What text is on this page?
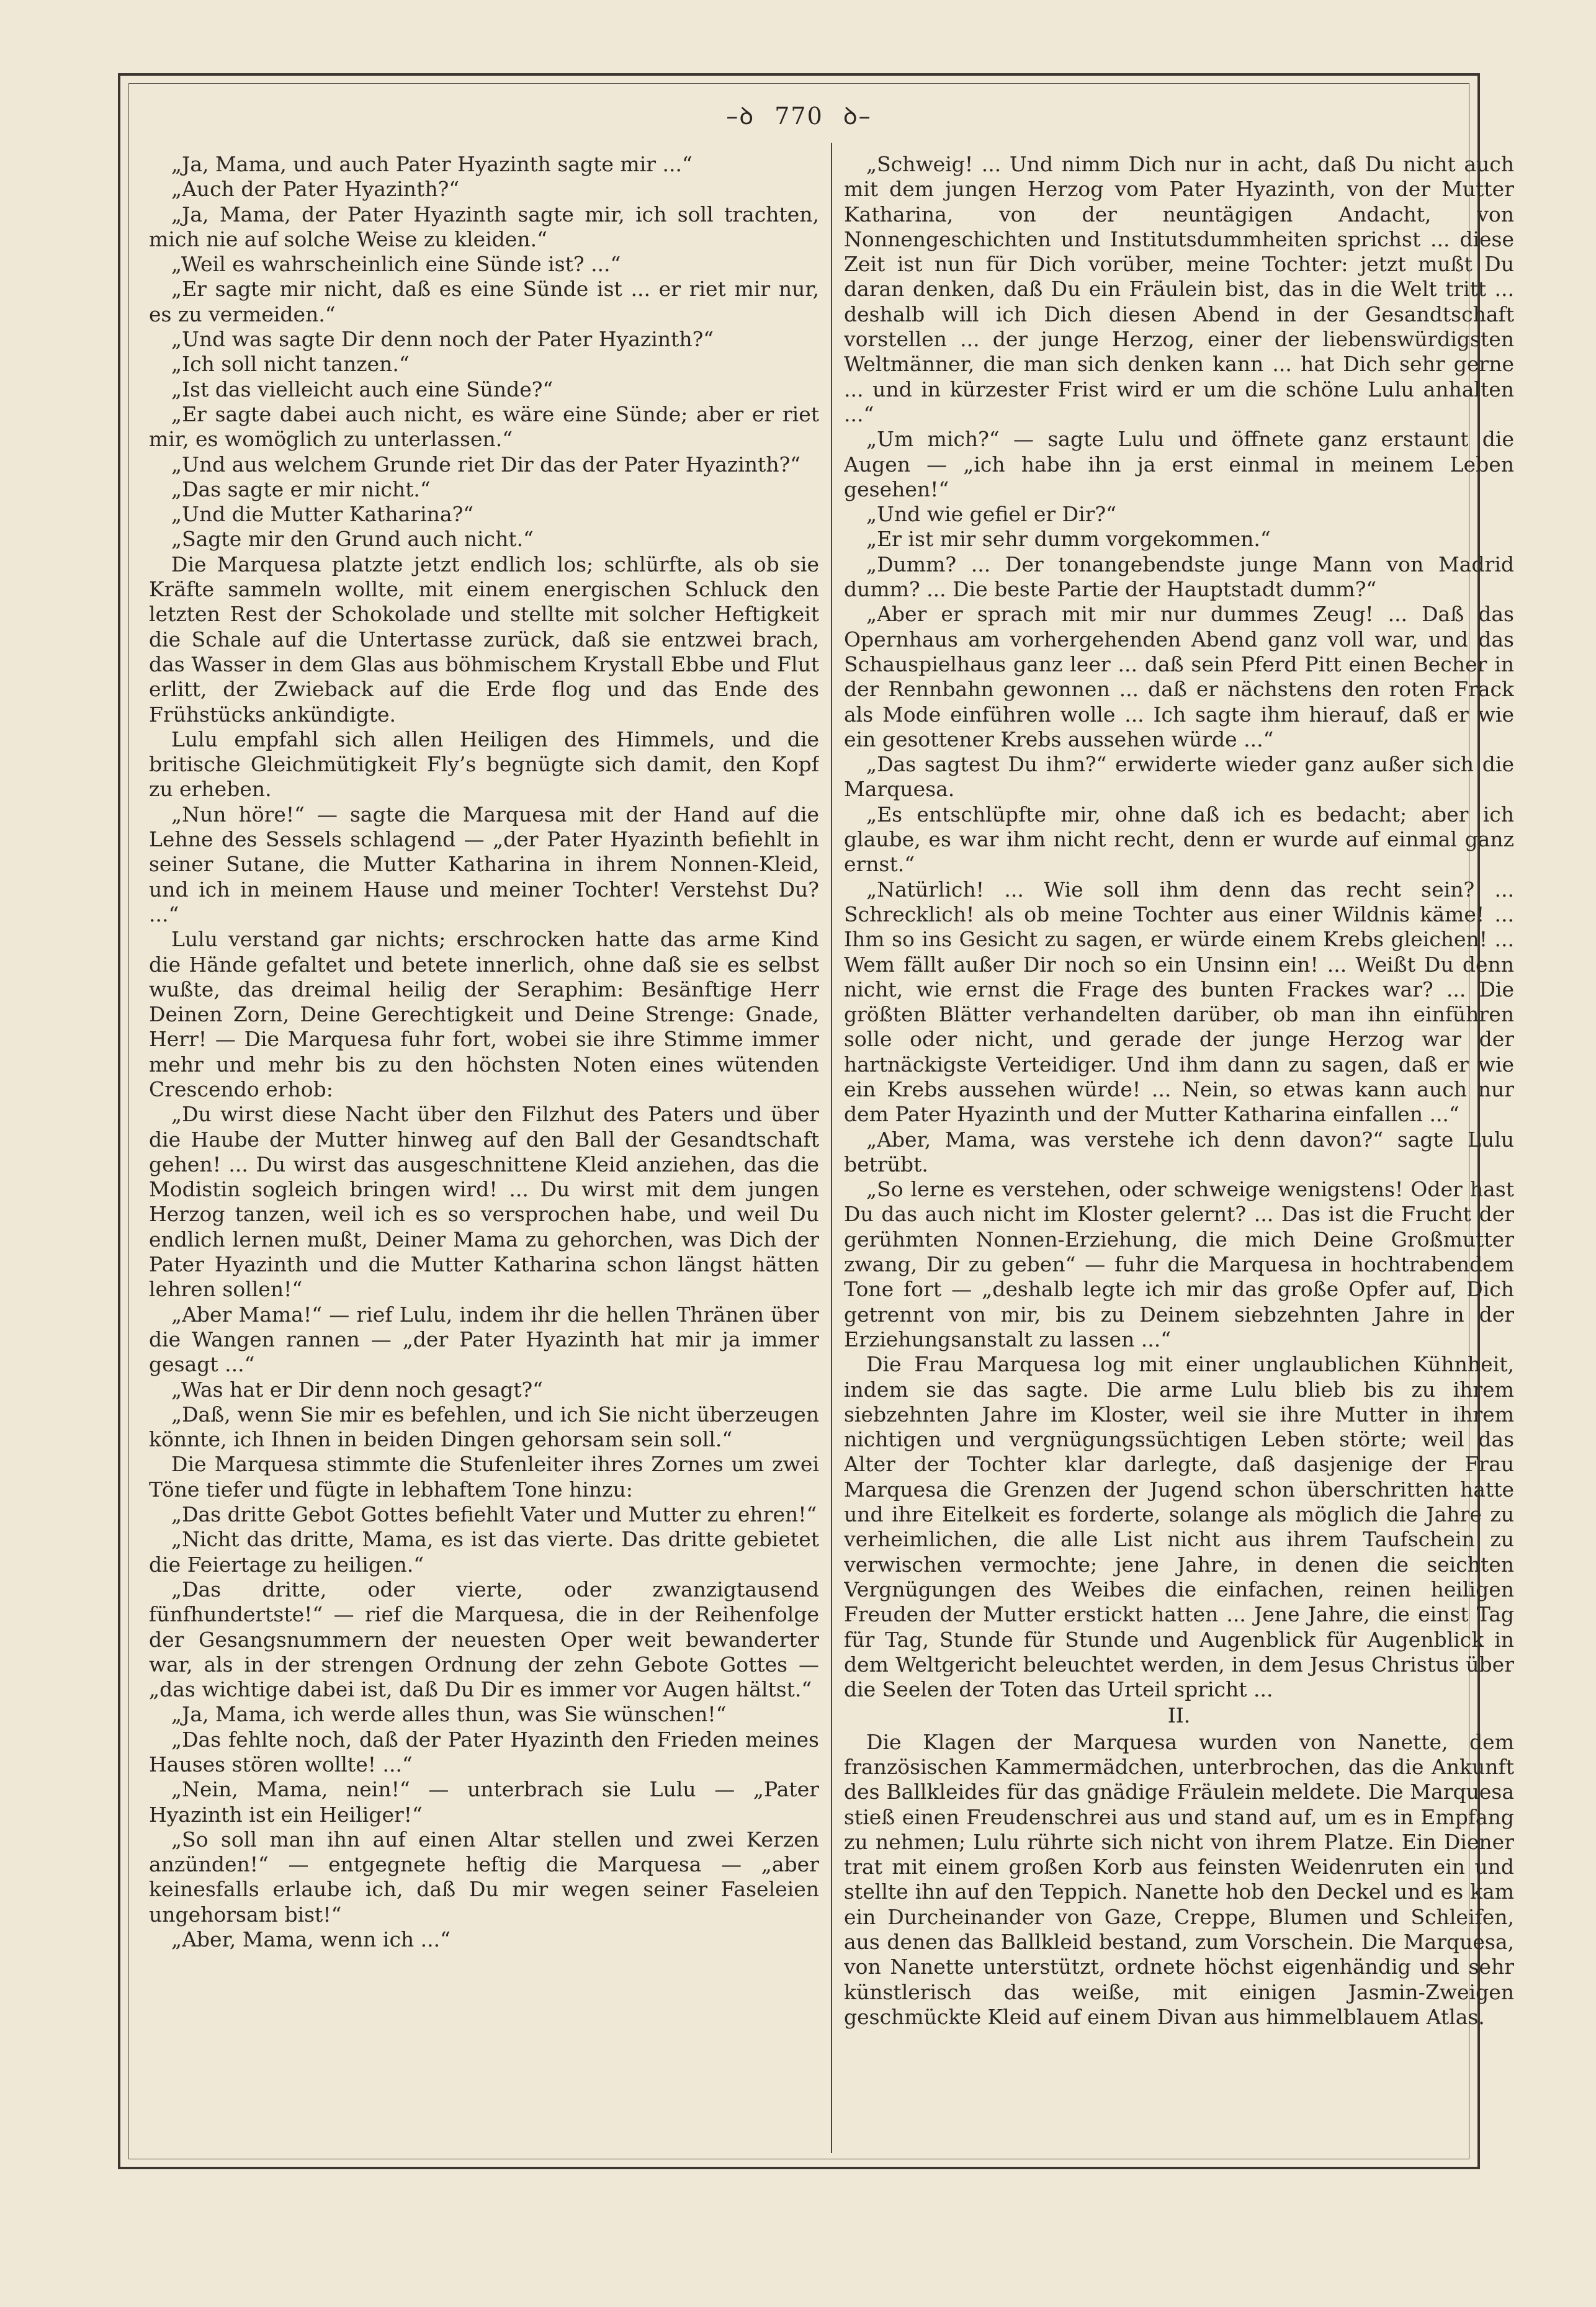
–ꝺ 770 ꝺ–

„Ja, Mama, und auch Pater Hyazinth sagte mir ...“

„Auch der Pater Hyazinth?“

„Ja, Mama, der Pater Hyazinth sagte mir, ich soll trachten, mich nie auf solche Weise zu kleiden.“

„Weil es wahrscheinlich eine Sünde ist? ...“

„Er sagte mir nicht, daß es eine Sünde ist ... er riet mir nur, es zu vermeiden.“

„Und was sagte Dir denn noch der Pater Hyazinth?“

„Ich soll nicht tanzen.“

„Ist das vielleicht auch eine Sünde?“

„Er sagte dabei auch nicht, es wäre eine Sünde; aber er riet mir, es womöglich zu unterlassen.“

„Und aus welchem Grunde riet Dir das der Pater Hyazinth?“

„Das sagte er mir nicht.“

„Und die Mutter Katharina?“

„Sagte mir den Grund auch nicht.“

Die Marquesa platzte jetzt endlich los; schlürfte, als ob sie Kräfte sammeln wollte, mit einem energischen Schluck den letzten Rest der Schokolade und stellte mit solcher Heftigkeit die Schale auf die Untertasse zurück, daß sie entzwei brach, das Wasser in dem Glas aus böhmischem Krystall Ebbe und Flut erlitt, der Zwieback auf die Erde flog und das Ende des Frühstücks ankündigte.

Lulu empfahl sich allen Heiligen des Himmels, und die britische Gleichmütigkeit Fly’s begnügte sich damit, den Kopf zu erheben.

„Nun höre!“ — sagte die Marquesa mit der Hand auf die Lehne des Sessels schlagend — „der Pater Hyazinth befiehlt in seiner Sutane, die Mutter Katharina in ihrem Nonnen-Kleid, und ich in meinem Hause und meiner Tochter! Verstehst Du? ...“

Lulu verstand gar nichts; erschrocken hatte das arme Kind die Hände gefaltet und betete innerlich, ohne daß sie es selbst wußte, das dreimal heilig der Seraphim: Besänftige Herr Deinen Zorn, Deine Gerechtigkeit und Deine Strenge: Gnade, Herr! — Die Marquesa fuhr fort, wobei sie ihre Stimme immer mehr und mehr bis zu den höchsten Noten eines wütenden Crescendo erhob:

„Du wirst diese Nacht über den Filzhut des Paters und über die Haube der Mutter hinweg auf den Ball der Gesandtschaft gehen! ... Du wirst das ausgeschnittene Kleid anziehen, das die Modistin sogleich bringen wird! ... Du wirst mit dem jungen Herzog tanzen, weil ich es so versprochen habe, und weil Du endlich lernen mußt, Deiner Mama zu gehorchen, was Dich der Pater Hyazinth und die Mutter Katharina schon längst hätten lehren sollen!“

„Aber Mama!“ — rief Lulu, indem ihr die hellen Thränen über die Wangen rannen — „der Pater Hyazinth hat mir ja immer gesagt ...“

„Was hat er Dir denn noch gesagt?“

„Daß, wenn Sie mir es befehlen, und ich Sie nicht überzeugen könnte, ich Ihnen in beiden Dingen gehorsam sein soll.“

Die Marquesa stimmte die Stufenleiter ihres Zornes um zwei Töne tiefer und fügte in lebhaftem Tone hinzu:

„Das dritte Gebot Gottes befiehlt Vater und Mutter zu ehren!“

„Nicht das dritte, Mama, es ist das vierte. Das dritte gebietet die Feiertage zu heiligen.“

„Das dritte, oder vierte, oder zwanzigtausend fünfhundertste!“ — rief die Marquesa, die in der Reihenfolge der Gesangsnummern der neuesten Oper weit bewanderter war, als in der strengen Ordnung der zehn Gebote Gottes — „das wichtige dabei ist, daß Du Dir es immer vor Augen hältst.“

„Ja, Mama, ich werde alles thun, was Sie wünschen!“

„Das fehlte noch, daß der Pater Hyazinth den Frieden meines Hauses stören wollte! ...“

„Nein, Mama, nein!“ — unterbrach sie Lulu — „Pater Hyazinth ist ein Heiliger!“

„So soll man ihn auf einen Altar stellen und zwei Kerzen anzünden!“ — entgegnete heftig die Marquesa — „aber keinesfalls erlaube ich, daß Du mir wegen seiner Faseleien ungehorsam bist!“

„Aber, Mama, wenn ich ...“

„Schweig! ... Und nimm Dich nur in acht, daß Du nicht auch mit dem jungen Herzog vom Pater Hyazinth, von der Mutter Katharina, von der neuntägigen Andacht, von Nonnengeschichten und Institutsdummheiten sprichst ... diese Zeit ist nun für Dich vorüber, meine Tochter: jetzt mußt Du daran denken, daß Du ein Fräulein bist, das in die Welt tritt ... deshalb will ich Dich diesen Abend in der Gesandtschaft vorstellen ... der junge Herzog, einer der liebenswürdigsten Weltmänner, die man sich denken kann ... hat Dich sehr gerne ... und in kürzester Frist wird er um die schöne Lulu anhalten ...“

„Um mich?“ — sagte Lulu und öffnete ganz erstaunt die Augen — „ich habe ihn ja erst einmal in meinem Leben gesehen!“

„Und wie gefiel er Dir?“

„Er ist mir sehr dumm vorgekommen.“

„Dumm? ... Der tonangebendste junge Mann von Madrid dumm? ... Die beste Partie der Hauptstadt dumm?“

„Aber er sprach mit mir nur dummes Zeug! ... Daß das Opernhaus am vorhergehenden Abend ganz voll war, und das Schauspielhaus ganz leer ... daß sein Pferd Pitt einen Becher in der Rennbahn gewonnen ... daß er nächstens den roten Frack als Mode einführen wolle ... Ich sagte ihm hierauf, daß er wie ein gesottener Krebs aussehen würde ...“

„Das sagtest Du ihm?“ erwiderte wieder ganz außer sich die Marquesa.

„Es entschlüpfte mir, ohne daß ich es bedacht; aber ich glaube, es war ihm nicht recht, denn er wurde auf einmal ganz ernst.“

„Natürlich! ... Wie soll ihm denn das recht sein? ... Schrecklich! als ob meine Tochter aus einer Wildnis käme! ... Ihm so ins Gesicht zu sagen, er würde einem Krebs gleichen! ... Wem fällt außer Dir noch so ein Unsinn ein! ... Weißt Du denn nicht, wie ernst die Frage des bunten Frackes war? ... Die größten Blätter verhandelten darüber, ob man ihn einführen solle oder nicht, und gerade der junge Herzog war der hartnäckigste Verteidiger. Und ihm dann zu sagen, daß er wie ein Krebs aussehen würde! ... Nein, so etwas kann auch nur dem Pater Hyazinth und der Mutter Katharina einfallen ...“

„Aber, Mama, was verstehe ich denn davon?“ sagte Lulu betrübt.

„So lerne es verstehen, oder schweige wenigstens! Oder hast Du das auch nicht im Kloster gelernt? ... Das ist die Frucht der gerühmten Nonnen-Erziehung, die mich Deine Großmutter zwang, Dir zu geben“ — fuhr die Marquesa in hochtrabendem Tone fort — „deshalb legte ich mir das große Opfer auf, Dich getrennt von mir, bis zu Deinem siebzehnten Jahre in der Erziehungsanstalt zu lassen ...“

Die Frau Marquesa log mit einer unglaublichen Kühnheit, indem sie das sagte. Die arme Lulu blieb bis zu ihrem siebzehnten Jahre im Kloster, weil sie ihre Mutter in ihrem nichtigen und vergnügungssüchtigen Leben störte; weil das Alter der Tochter klar darlegte, daß dasjenige der Frau Marquesa die Grenzen der Jugend schon überschritten hatte und ihre Eitelkeit es forderte, solange als möglich die Jahre zu verheimlichen, die alle List nicht aus ihrem Taufschein zu verwischen vermochte; jene Jahre, in denen die seichten Vergnügungen des Weibes die einfachen, reinen heiligen Freuden der Mutter erstickt hatten ... Jene Jahre, die einst Tag für Tag, Stunde für Stunde und Augenblick für Augenblick in dem Weltgericht beleuchtet werden, in dem Jesus Christus über die Seelen der Toten das Urteil spricht ...

II.

Die Klagen der Marquesa wurden von Nanette, dem französischen Kammermädchen, unterbrochen, das die Ankunft des Ballkleides für das gnädige Fräulein meldete. Die Marquesa stieß einen Freudenschrei aus und stand auf, um es in Empfang zu nehmen; Lulu rührte sich nicht von ihrem Platze. Ein Diener trat mit einem großen Korb aus feinsten Weidenruten ein und stellte ihn auf den Teppich. Nanette hob den Deckel und es kam ein Durcheinander von Gaze, Creppe, Blumen und Schleifen, aus denen das Ballkleid bestand, zum Vorschein. Die Marquesa, von Nanette unterstützt, ordnete höchst eigenhändig und sehr künstlerisch das weiße, mit einigen Jasmin-Zweigen geschmückte Kleid auf einem Divan aus himmelblauem Atlas.
